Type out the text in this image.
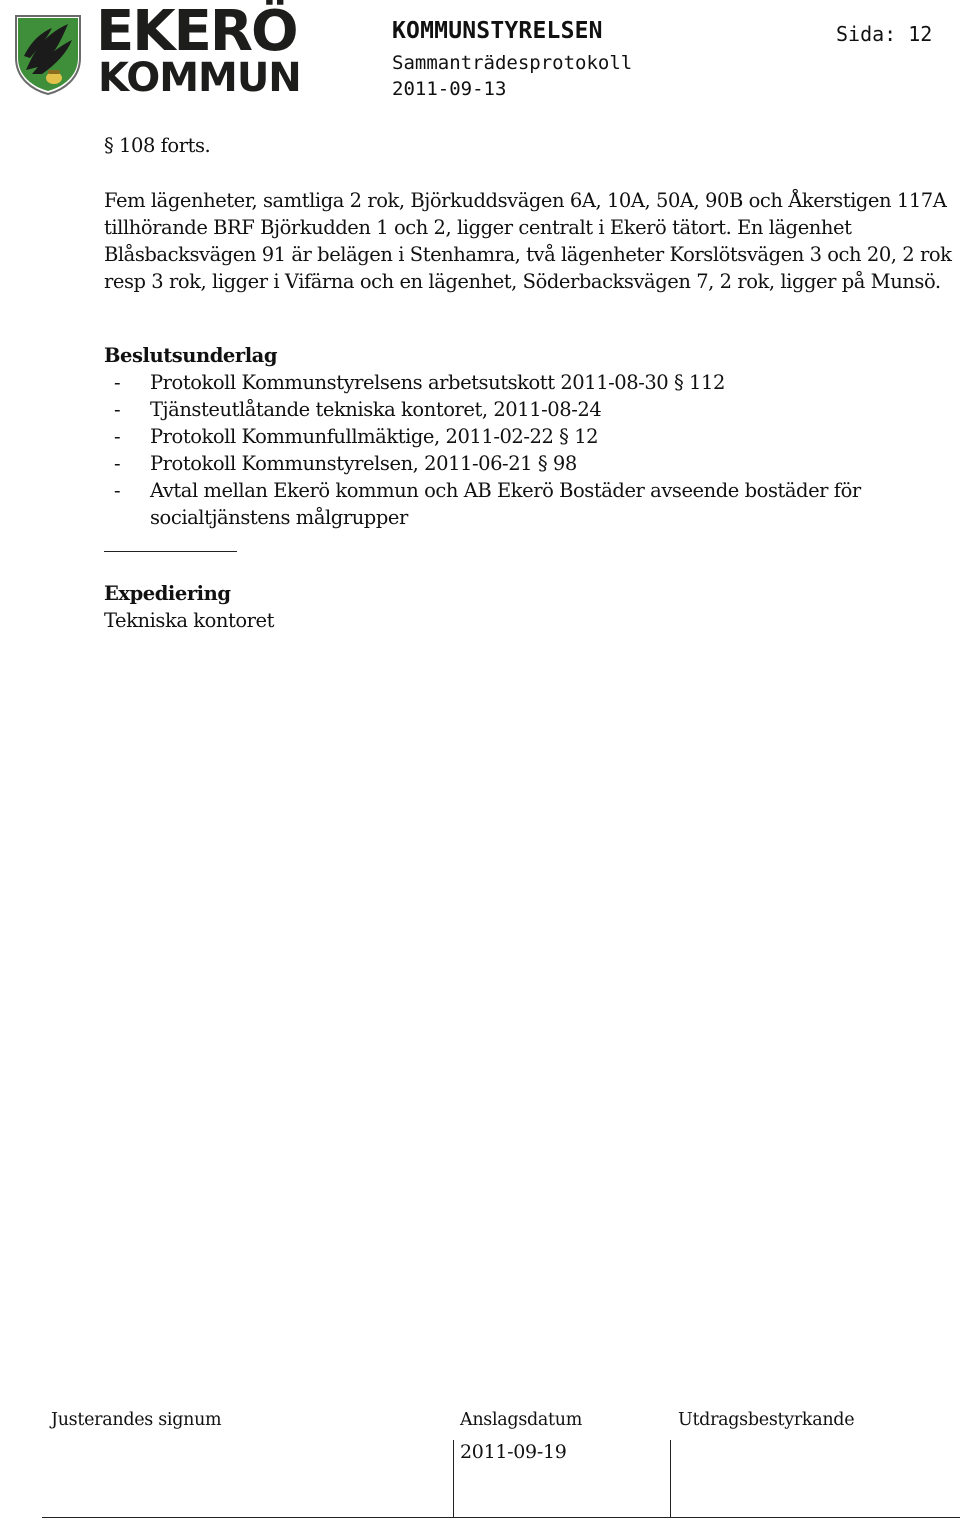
EKERÖ
KOMMUN
KOMMUNSTYRELSEN
Sammanträdesprotokoll
2011-09-13
Sida: 12
§ 108 forts.

Fem lägenheter, samtliga 2 rok, Björkuddsvägen 6A, 10A, 50A, 90B och Åkerstigen 117A tillhörande BRF Björkudden 1 och 2, ligger centralt i Ekerö tätort. En lägenhet Blåsbacksvägen 91 är belägen i Stenhamra, två lägenheter Korslötsvägen 3 och 20, 2 rok resp 3 rok, ligger i Vifärna och en lägenhet, Söderbacksvägen 7, 2 rok, ligger på Munsö.

Beslutsunderlag
- Protokoll Kommunstyrelsens arbetsutskott 2011-08-30 § 112
- Tjänsteutlåtande tekniska kontoret, 2011-08-24
- Protokoll Kommunfullmäktige, 2011-02-22 § 12
- Protokoll Kommunstyrelsen, 2011-06-21 § 98
- Avtal mellan Ekerö kommun och AB Ekerö Bostäder avseende bostäder för socialtjänstens målgrupper
Expediering
Tekniska kontoret
Justerandes signum	Anslagsdatum	Utdragsbestyrkande
2011-09-19
